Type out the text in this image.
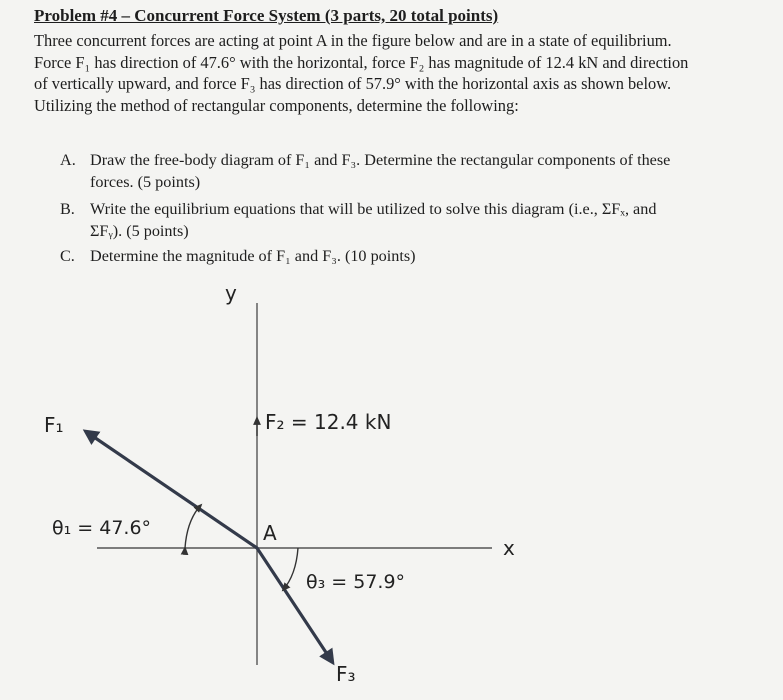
Problem #4 – Concurrent Force System (3 parts, 20 total points)
Three concurrent forces are acting at point A in the figure below and are in a state of equilibrium.
Force F₁ has direction of 47.6° with the horizontal, force F₂ has magnitude of 12.4 kN and direction
of vertically upward, and force F₃ has direction of 57.9° with the horizontal axis as shown below.
Utilizing the method of rectangular components, determine the following:
A. Draw the free-body diagram of F₁ and F₃. Determine the rectangular components of these
forces. (5 points)
B. Write the equilibrium equations that will be utilized to solve this diagram (i.e., ΣFₓ, and
ΣFᵧ). (5 points)
C. Determine the magnitude of F₁ and F₃. (10 points)
y
x
A
F₁	F₂ = 12.4 kN
F₃
θ₁ = 47.6°
θ₃ = 57.9°
